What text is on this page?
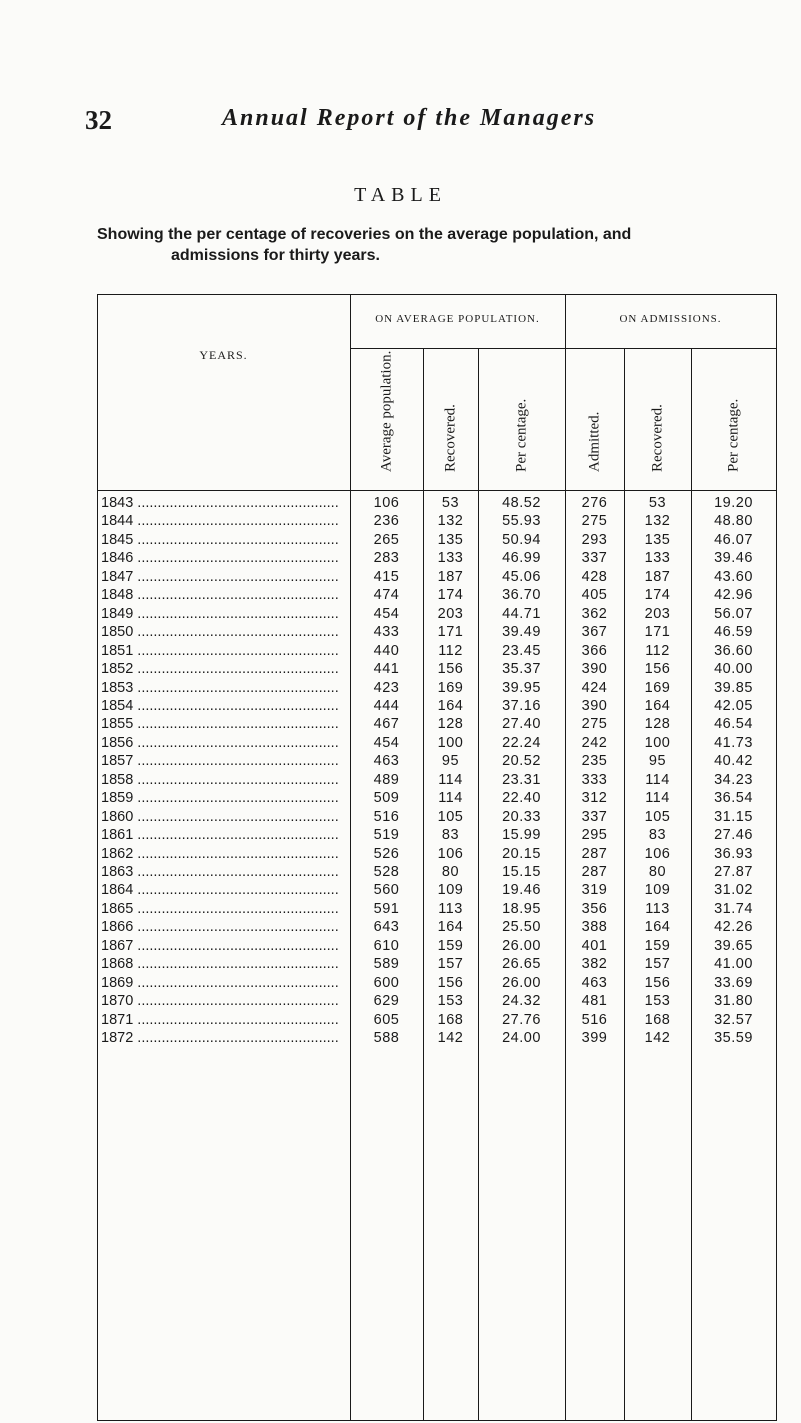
32	Annual Report of the Managers
TABLE
Showing the per centage of recoveries on the average population, and
admissions for thirty years.
ON AVERAGE POPULATION.	ON ADMISSIONS.
YEARS.	Average population.	Recovered.	Per centage.	Admitted.	Recovered.	Per centage.
1843 ..................................................	106	53	48.52	276	53	19.20
1844 ..................................................	236	132	55.93	275	132	48.80
1845 ..................................................	265	135	50.94	293	135	46.07
1846 ..................................................	283	133	46.99	337	133	39.46
1847 ..................................................	415	187	45.06	428	187	43.60
1848 ..................................................	474	174	36.70	405	174	42.96
1849 ..................................................	454	203	44.71	362	203	56.07
1850 ..................................................	433	171	39.49	367	171	46.59
1851 ..................................................	440	112	23.45	366	112	36.60
1852 ..................................................	441	156	35.37	390	156	40.00
1853 ..................................................	423	169	39.95	424	169	39.85
1854 ..................................................	444	164	37.16	390	164	42.05
1855 ..................................................	467	128	27.40	275	128	46.54
1856 ..................................................	454	100	22.24	242	100	41.73
1857 ..................................................	463	95	20.52	235	95	40.42
1858 ..................................................	489	114	23.31	333	114	34.23
1859 ..................................................	509	114	22.40	312	114	36.54
1860 ..................................................	516	105	20.33	337	105	31.15
1861 ..................................................	519	83	15.99	295	83	27.46
1862 ..................................................	526	106	20.15	287	106	36.93
1863 ..................................................	528	80	15.15	287	80	27.87
1864 ..................................................	560	109	19.46	319	109	31.02
1865 ..................................................	591	113	18.95	356	113	31.74
1866 ..................................................	643	164	25.50	388	164	42.26
1867 ..................................................	610	159	26.00	401	159	39.65
1868 ..................................................	589	157	26.65	382	157	41.00
1869 ..................................................	600	156	26.00	463	156	33.69
1870 ..................................................	629	153	24.32	481	153	31.80
1871 ..................................................	605	168	27.76	516	168	32.57
1872 ..................................................	588	142	24.00	399	142	35.59
